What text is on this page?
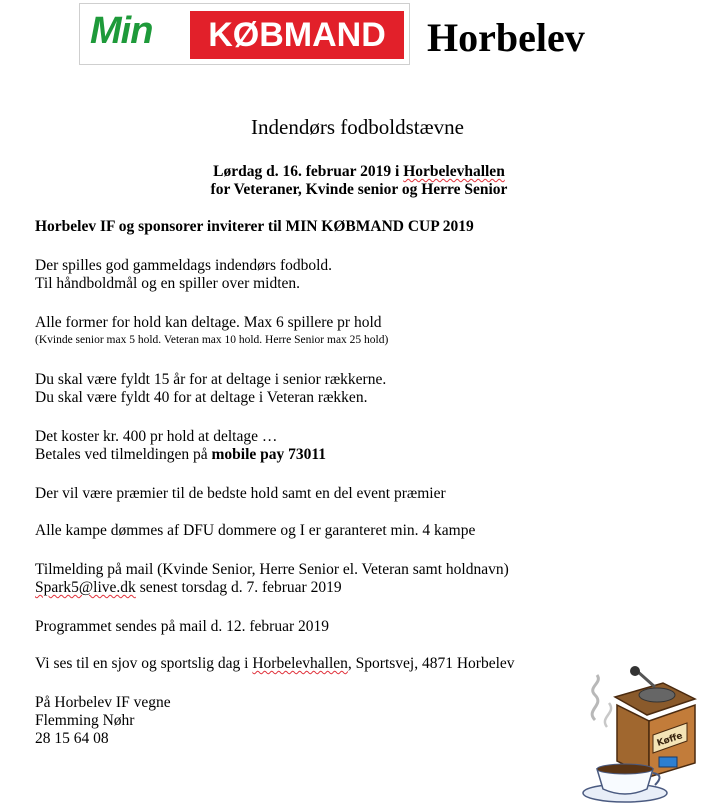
Min	KØBMAND	Horbelev
Indendørs fodboldstævne
Lørdag d. 16. februar 2019 i Horbelevhallen
for Veteraner, Kvinde senior og Herre Senior
Horbelev IF og sponsorer inviterer til MIN KØBMAND CUP 2019
Der spilles god gammeldags indendørs fodbold.
Til håndboldmål og en spiller over midten.
Alle former for hold kan deltage. Max 6 spillere pr hold
(Kvinde senior max 5 hold. Veteran max 10 hold. Herre Senior max 25 hold)
Du skal være fyldt 15 år for at deltage i senior rækkerne.
Du skal være fyldt 40 for at deltage i Veteran rækken.
Det koster kr. 400 pr hold at deltage …
Betales ved tilmeldingen på mobile pay 73011
Der vil være præmier til de bedste hold samt en del event præmier
Alle kampe dømmes af DFU dommere og I er garanteret min. 4 kampe
Tilmelding på mail (Kvinde Senior, Herre Senior el. Veteran samt holdnavn)
Spark5@live.dk senest torsdag d. 7. februar 2019
Programmet sendes på mail d. 12. februar 2019
Vi ses til en sjov og sportslig dag i Horbelevhallen, Sportsvej, 4871 Horbelev
På Horbelev IF vegne
Flemming Nøhr
28 15 64 08	Køffe
